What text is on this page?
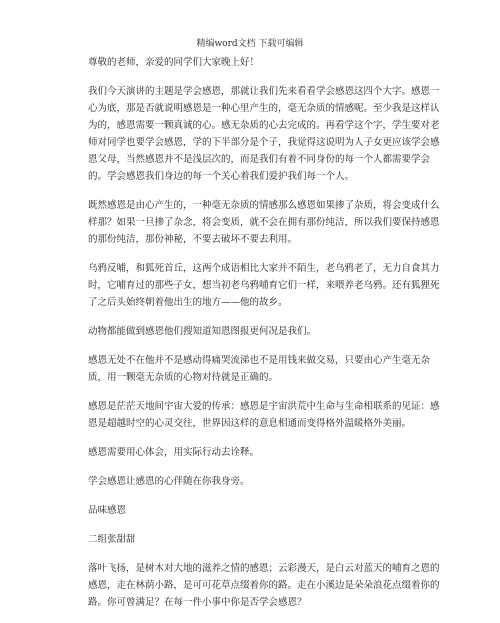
精编word文档 下载可编辑

尊敬的老师，亲爱的同学们大家晚上好！

我们今天演讲的主题是学会感恩，那就让我们先来看看学会感恩这四个大字。感恩一心为底，那是否就说明感恩是一种心里产生的，毫无杂质的情感呢。至少我是这样认为的，感恩需要一颗真诚的心。感无杂质的心去完成的。再看学这个字，学生要对老师对同学也要学会感恩，学的下半部分是个子，我觉得这说明为人子女更应该学会感恩父母，当然感恩并不是浅层次的，而是我们有着不同身份的每一个人都需要学会的。学会感恩我们身边的每一个关心着我们爱护我们每一个人。

既然感恩是由心产生的，一种毫无杂质的情感那么感恩如果掺了杂质，将会变成什么样那？如果一旦掺了杂念，将会变质，就不会在拥有那份纯洁，所以我们要保持感恩的那份纯洁，那份神秘，不要去破坏不要去利用。

乌鸦反哺，和狐死首丘，这两个成语相比大家并不陌生，老乌鸦老了，无力自食其力时，它哺育过的那些子女，想当初老乌鸦哺育它们一样，来喂养老乌鸦。还有狐狸死了之后头始终朝着他出生的地方——他的故乡。

动物都能做到感恩他们搜知道知恩图报更何况是我们。

感恩无处不在他并不是感动得痛哭流涕也不是用钱来做交易，只要由心产生毫无杂质，用一颗毫无杂质的心物对待就是正确的。

感恩是茫茫天地间宇宙大爱的传承：感恩是宇宙洪荒中生命与生命相联系的见证：感恩是超越时空的心灵交往，世界因这样的意息相通而变得格外温暖格外美丽。

感恩需要用心体会，用实际行动去诠释。

学会感恩让感恩的心伴随在你我身旁。

品味感恩

二组张甜甜

落叶飞扬，是树木对大地的滋养之情的感恩；云彩漫天，是白云对蓝天的哺育之恩的感恩，走在林荫小路，是可可花草点缀着你的路。走在小溪边是朵朵浪花点缀着你的路。你可曾满足？在每一件小事中你是否学会感恩？
